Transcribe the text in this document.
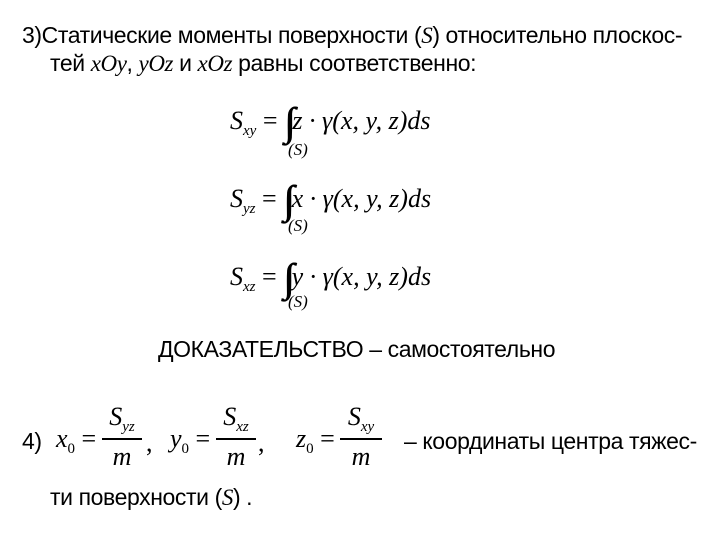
3)Статические моменты поверхности (S) относительно плоскос-
тей xOy, yOz и xOz равны соответственно:
$S_{xy}$ = ∫∫ z · γ(x, y, z)ds
(S)
$S_{yz}$ = ∫∫ x · γ(x, y, z)ds
(S)
$S_{xz}$ = ∫∫ y · γ(x, y, z)ds
(S)
ДОКАЗАТЕЛЬСТВО – самостоятельно
4) $x_0$ =
$S_{yz}$
m , $y_0$ =
$S_{xz}$
m , $z_0$ =
$S_{xy}$
m
– координаты центра тяжес-
ти поверхности (S) .
